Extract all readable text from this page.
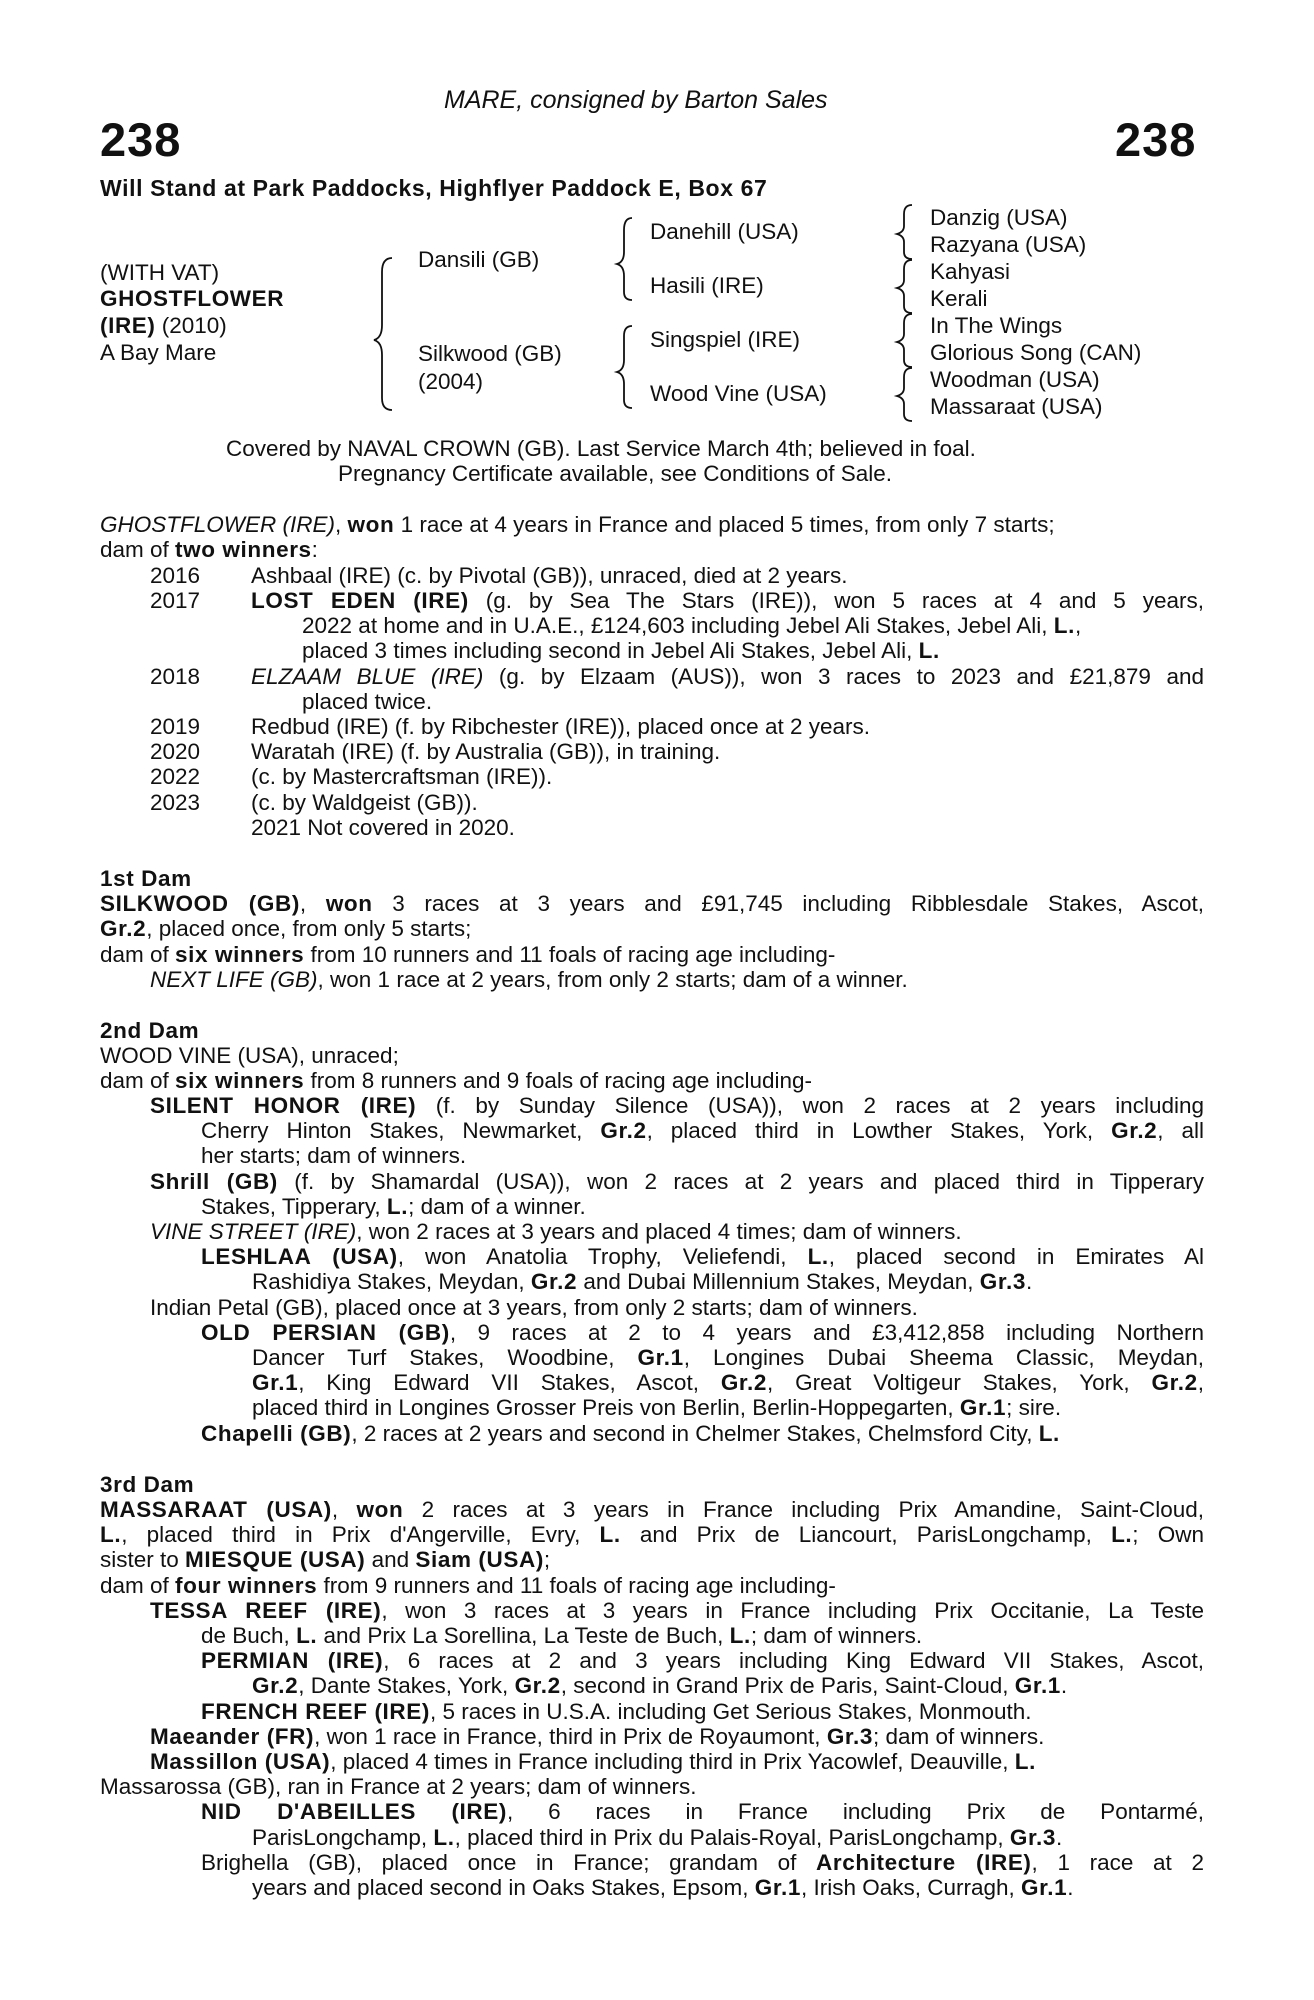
MARE, consigned by Barton Sales
238	238
Will Stand at Park Paddocks, Highflyer Paddock E, Box 67
(WITH VAT)
GHOSTFLOWER
(IRE) (2010)
A Bay Mare
Dansili (GB)
Silkwood (GB)
(2004)
Danehill (USA)
Hasili (IRE)
Singspiel (IRE)
Wood Vine (USA)
Danzig (USA)
Razyana (USA)
Kahyasi
Kerali
In The Wings
Glorious Song (CAN)
Woodman (USA)
Massaraat (USA)
Covered by NAVAL CROWN (GB). Last Service March 4th; believed in foal.
Pregnancy Certificate available, see Conditions of Sale.
GHOSTFLOWER (IRE), won 1 race at 4 years in France and placed 5 times, from only 7 starts;
dam of two winners:
2016 Ashbaal (IRE) (c. by Pivotal (GB)), unraced, died at 2 years.
2017 LOST EDEN (IRE) (g. by Sea The Stars (IRE)), won 5 races at 4 and 5 years,
2022 at home and in U.A.E., £124,603 including Jebel Ali Stakes, Jebel Ali, L.,
placed 3 times including second in Jebel Ali Stakes, Jebel Ali, L.
2018 ELZAAM BLUE (IRE) (g. by Elzaam (AUS)), won 3 races to 2023 and £21,879 and
placed twice.
2019 Redbud (IRE) (f. by Ribchester (IRE)), placed once at 2 years.
2020 Waratah (IRE) (f. by Australia (GB)), in training.
2022 (c. by Mastercraftsman (IRE)).
2023 (c. by Waldgeist (GB)).
2021 Not covered in 2020.
1st Dam
SILKWOOD (GB), won 3 races at 3 years and £91,745 including Ribblesdale Stakes, Ascot,
Gr.2, placed once, from only 5 starts;
dam of six winners from 10 runners and 11 foals of racing age including-
NEXT LIFE (GB), won 1 race at 2 years, from only 2 starts; dam of a winner.
2nd Dam
WOOD VINE (USA), unraced;
dam of six winners from 8 runners and 9 foals of racing age including-
SILENT HONOR (IRE) (f. by Sunday Silence (USA)), won 2 races at 2 years including
Cherry Hinton Stakes, Newmarket, Gr.2, placed third in Lowther Stakes, York, Gr.2, all
her starts; dam of winners.
Shrill (GB) (f. by Shamardal (USA)), won 2 races at 2 years and placed third in Tipperary
Stakes, Tipperary, L.; dam of a winner.
VINE STREET (IRE), won 2 races at 3 years and placed 4 times; dam of winners.
LESHLAA (USA), won Anatolia Trophy, Veliefendi, L., placed second in Emirates Al
Rashidiya Stakes, Meydan, Gr.2 and Dubai Millennium Stakes, Meydan, Gr.3.
Indian Petal (GB), placed once at 3 years, from only 2 starts; dam of winners.
OLD PERSIAN (GB), 9 races at 2 to 4 years and £3,412,858 including Northern
Dancer Turf Stakes, Woodbine, Gr.1, Longines Dubai Sheema Classic, Meydan,
Gr.1, King Edward VII Stakes, Ascot, Gr.2, Great Voltigeur Stakes, York, Gr.2,
placed third in Longines Grosser Preis von Berlin, Berlin-Hoppegarten, Gr.1; sire.
Chapelli (GB), 2 races at 2 years and second in Chelmer Stakes, Chelmsford City, L.
3rd Dam
MASSARAAT (USA), won 2 races at 3 years in France including Prix Amandine, Saint-Cloud,
L., placed third in Prix d'Angerville, Evry, L. and Prix de Liancourt, ParisLongchamp, L.; Own
sister to MIESQUE (USA) and Siam (USA);
dam of four winners from 9 runners and 11 foals of racing age including-
TESSA REEF (IRE), won 3 races at 3 years in France including Prix Occitanie, La Teste
de Buch, L. and Prix La Sorellina, La Teste de Buch, L.; dam of winners.
PERMIAN (IRE), 6 races at 2 and 3 years including King Edward VII Stakes, Ascot,
Gr.2, Dante Stakes, York, Gr.2, second in Grand Prix de Paris, Saint-Cloud, Gr.1.
FRENCH REEF (IRE), 5 races in U.S.A. including Get Serious Stakes, Monmouth.
Maeander (FR), won 1 race in France, third in Prix de Royaumont, Gr.3; dam of winners.
Massillon (USA), placed 4 times in France including third in Prix Yacowlef, Deauville, L.
Massarossa (GB), ran in France at 2 years; dam of winners.
NID D'ABEILLES (IRE), 6 races in France including Prix de Pontarmé,
ParisLongchamp, L., placed third in Prix du Palais-Royal, ParisLongchamp, Gr.3.
Brighella (GB), placed once in France; grandam of Architecture (IRE), 1 race at 2
years and placed second in Oaks Stakes, Epsom, Gr.1, Irish Oaks, Curragh, Gr.1.
